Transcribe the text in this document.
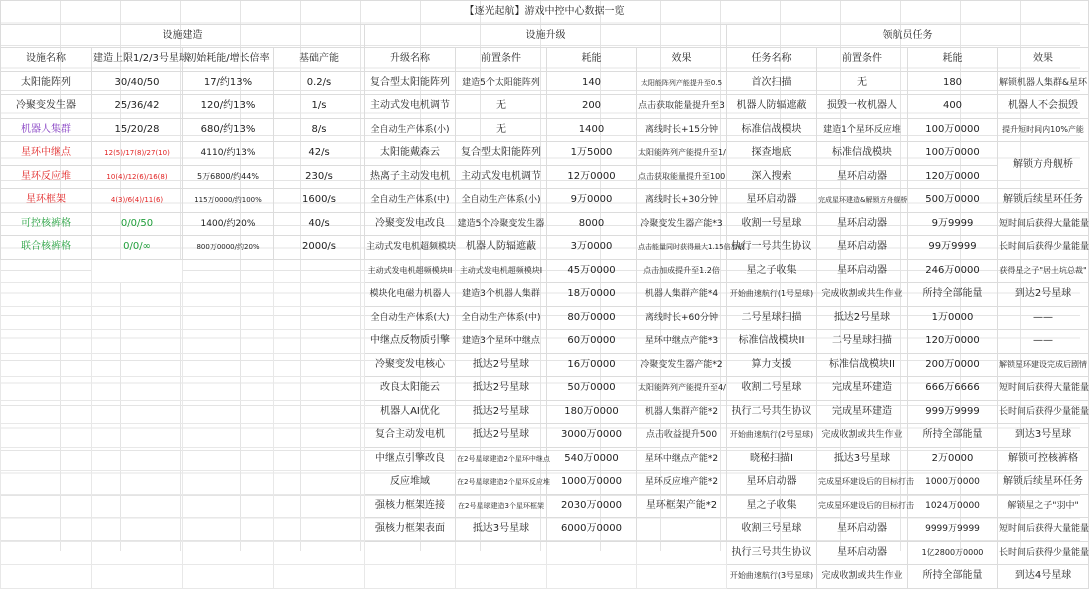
【逐光起航】游戏中控中心数据一览											
设施建造				设施升级				领航员任务			
设施名称	建造上限1/2/3号星球	初始耗能/增长倍率	基础产能	升级名称	前置条件	耗能	效果	任务名称	前置条件	耗能	效果
太阳能阵列	30/40/50	17/约13%	0.2/s	复合型太阳能阵列	建造5个太阳能阵列	140	太阳能阵列产能提升至0.5	首次扫描	无	180	解锁机器人集群&星环
冷聚变发生器	25/36/42	120/约13%	1/s	主动式发电机调节	无	200	点击获取能量提升至3	机器人防辐遮蔽	损毁一枚机器人	400	机器人不会损毁
机器人集群	15/20/28	680/约13%	8/s	全自动生产体系(小)	无	1400	离线时长+15分钟	标准信战模块	建造1个星环反应堆	100万0000	提升短时间内10%产能
星环中继点	12(5)/17(8)/27(10)	4110/约13%	42/s	太阳能戴森云	复合型太阳能阵列	1万5000	太阳能阵列产能提升至1/	探查地底	标准信战模块	100万0000	解锁方舟舰桥
星环反应堆	10(4)/12(6)/16(8)	5万6800/约44%	230/s	热离子主动发电机	主动式发电机调节	12万0000	点击获取能量提升至100	深入搜索	星环启动器	120万0000	
星环框架	4(3)/6(4)/11(6)	115万0000/约100%	1600/s	全自动生产体系(中)	全自动生产体系(小)	9万0000	离线时长+30分钟	星环启动器	完成星环建造&解锁方舟舰桥	500万0000	解锁后续星环任务
可控核裤格	0/0/50	1400/约20%	40/s	冷聚变发电改良	建造5个冷聚变发生器	8000	冷聚变发生器产能*3	收割一号星球	星环启动器	9万9999	短时间后获得大量能量
联合核裤格	0/0/∞	800万0000/约20%	2000/s	主动式发电机超频模块	机器人防辐遮蔽	3万0000	点击能量同时获得最大1.15倍加成	执行一号共生协议	星环启动器	99万9999	长时间后获得少量能量
				主动式发电机超频模块II	主动式发电机超频模块I	45万0000	点击加成提升至1.2倍	星之子收集	星环启动器	246万0000	获得星之子"居土坑总裁"
				模块化电磁力机器人	建造3个机器人集群	18万0000	机器人集群产能*4	开始曲速航行(1号星球)	完成收割或共生作业	所持全部能量	到达2号星球
				全自动生产体系(大)	全自动生产体系(中)	80万0000	离线时长+60分钟	二号星球扫描	抵达2号星球	1万0000	——
				中继点反物质引擎	建造3个星环中继点	60万0000	星环中继点产能*3	标准信战模块II	二号星球扫描	120万0000	——
				冷聚变发电核心	抵达2号星球	16万0000	冷聚变发生器产能*2	算力支援	标准信战模块II	200万0000	解锁星环建设完成后剧情
				改良太阳能云	抵达2号星球	50万0000	太阳能阵列产能提升至4/	收割二号星球	完成星环建造	666万6666	短时间后获得大量能量
				机器人AI优化	抵达2号星球	180万0000	机器人集群产能*2	执行二号共生协议	完成星环建造	999万9999	长时间后获得少量能量
				复合主动发电机	抵达2号星球	3000万0000	点击收益提升500	开始曲速航行(2号星球)	完成收割或共生作业	所持全部能量	到达3号星球
				中继点引擎改良	在2号星球建造2个星环中继点	540万0000	星环中继点产能*2	晓秘扫描I	抵达3号星球	2万0000	解锁可控核裤格
				反应堆域	在2号星球建造2个星环反应堆	1000万0000	星环反应堆产能*2	星环启动器	完成星环建设后的目标打击	1000万0000	解锁后续星环任务
				强核力框架连接	在2号星球建造3个星环框架	2030万0000	星环框架产能*2	星之子收集	完成星环建设后的目标打击	1024万0000	解锁星之子"羽中"
				强核力框架表面	抵达3号星球	6000万0000		收割三号星球	星环启动器	9999万9999	短时间后获得大量能量
								执行三号共生协议	星环启动器	1亿2800万0000	长时间后获得少量能量
								开始曲速航行(3号星球)	完成收割或共生作业	所持全部能量	到达4号星球
